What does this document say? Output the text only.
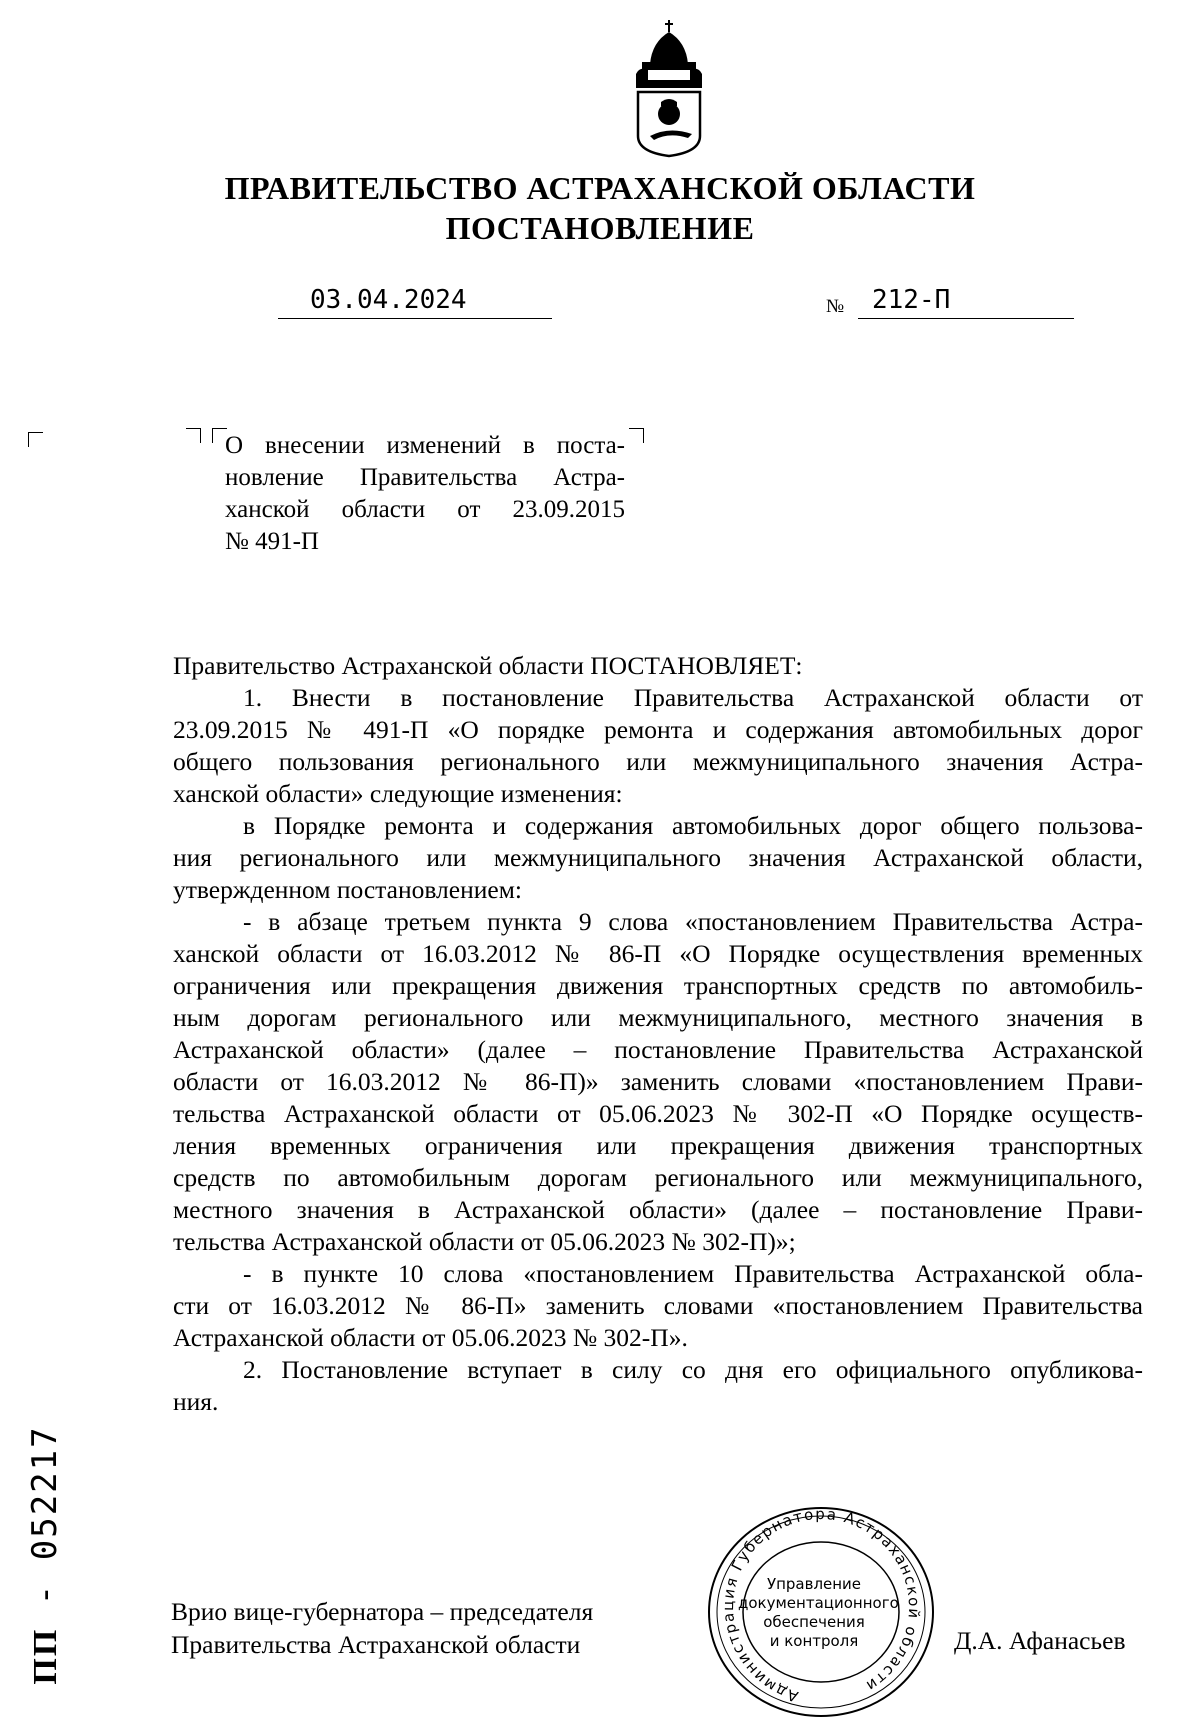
ПРАВИТЕЛЬСТВО АСТРАХАНСКОЙ ОБЛАСТИ
ПОСТАНОВЛЕНИЕ
03.04.2024	№ 212-П
О внесении изменений в поста-
новление Правительства Астра-
ханской области от 23.09.2015
№ 491-П
Правительство Астраханской области ПОСТАНОВЛЯЕТ:
1. Внести в постановление Правительства Астраханской области от
23.09.2015 № 491-П «О порядке ремонта и содержания автомобильных дорог
общего пользования регионального или межмуниципального значения Астра-
ханской области» следующие изменения:
в Порядке ремонта и содержания автомобильных дорог общего пользова-
ния регионального или межмуниципального значения Астраханской области,
утвержденном постановлением:
- в абзаце третьем пункта 9 слова «постановлением Правительства Астра-
ханской области от 16.03.2012 № 86-П «О Порядке осуществления временных
ограничения или прекращения движения транспортных средств по автомобиль-
ным дорогам регионального или межмуниципального, местного значения в
Астраханской области» (далее – постановление Правительства Астраханской
области от 16.03.2012 № 86-П)» заменить словами «постановлением Прави-
тельства Астраханской области от 05.06.2023 № 302-П «О Порядке осуществ-
ления временных ограничения или прекращения движения транспортных
средств по автомобильным дорогам регионального или межмуниципального,
местного значения в Астраханской области» (далее – постановление Прави-
тельства Астраханской области от 05.06.2023 № 302-П)»;
- в пункте 10 слова «постановлением Правительства Астраханской обла-
сти от 16.03.2012 № 86-П» заменить словами «постановлением Правительства
Астраханской области от 05.06.2023 № 302-П».
2. Постановление вступает в силу со дня его официального опубликова-
ния.
Врио вице-губернатора – председателя
Правительства Астраханской области	Д.А. Афанасьев
Администрация Губернатора Астраханской области
Управление
документационного
обеспечения
и контроля
ПП - 052217
